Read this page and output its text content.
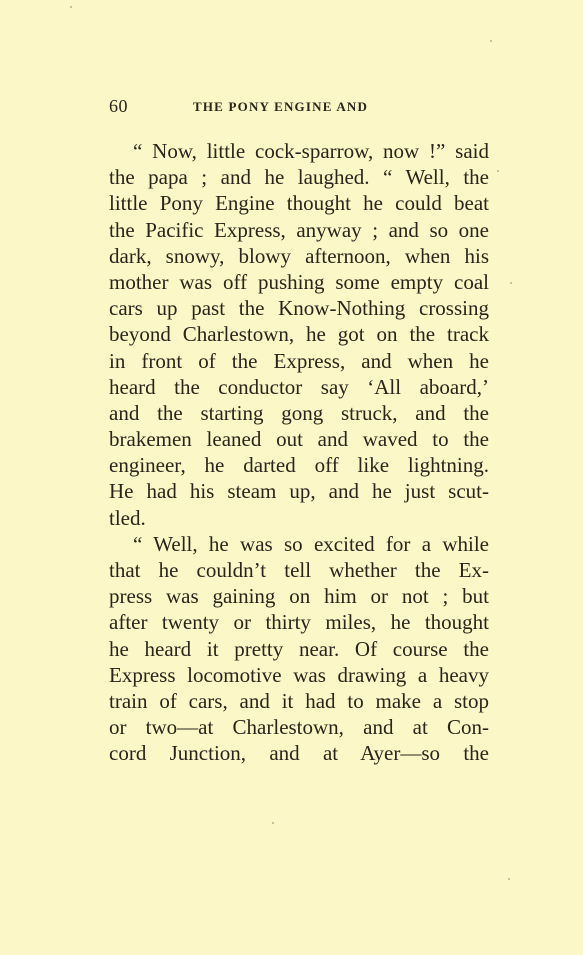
60	THE PONY ENGINE AND
“ Now, little cock-sparrow, now !” said
the papa ; and he laughed. “ Well, the
little Pony Engine thought he could beat
the Pacific Express, anyway ; and so one
dark, snowy, blowy afternoon, when his
mother was off pushing some empty coal
cars up past the Know-Nothing crossing
beyond Charlestown, he got on the track
in front of the Express, and when he
heard the conductor say ‘All aboard,’
and the starting gong struck, and the
brakemen leaned out and waved to the
engineer, he darted off like lightning.
He had his steam up, and he just scut-
tled.
“ Well, he was so excited for a while
that he couldn’t tell whether the Ex-
press was gaining on him or not ; but
after twenty or thirty miles, he thought
he heard it pretty near. Of course the
Express locomotive was drawing a heavy
train of cars, and it had to make a stop
or two—at Charlestown, and at Con-
cord Junction, and at Ayer—so the
